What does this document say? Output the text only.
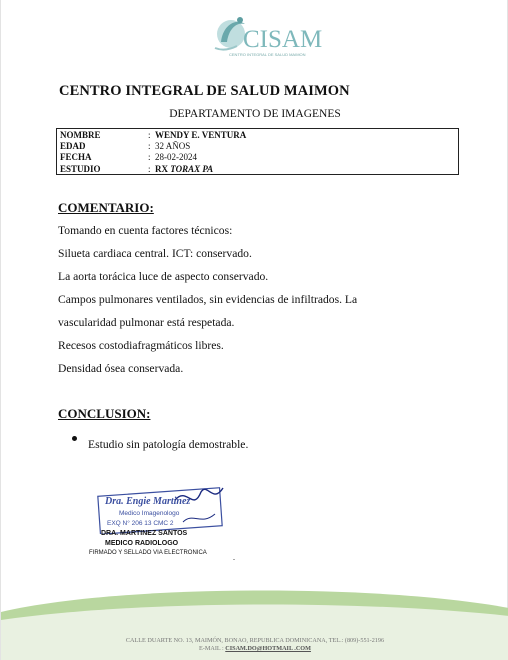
CISAM
CENTRO INTEGRAL DE SALUD MAIMON
CENTRO INTEGRAL DE SALUD MAIMON
DEPARTAMENTO DE IMAGENES
NOMBRE	: WENDY E. VENTURA
EDAD	: 32 AÑOS
FECHA	: 28-02-2024
ESTUDIO	: RX TORAX PA
COMENTARIO:
Tomando en cuenta factores técnicos:
Silueta cardiaca central. ICT: conservado.
La aorta torácica luce de aspecto conservado.
Campos pulmonares ventilados, sin evidencias de infiltrados. La
vascularidad pulmonar está respetada.
Recesos costodiafragmáticos libres.
Densidad ósea conservada.
CONCLUSION:
Estudio sin patología demostrable.
Dra. Engie Martinez
Medico Imagenologo
EXQ N° 206 13 CMC 2
DRA. MARTINEZ SANTOS
MEDICO RADIOLOGO
FIRMADO Y SELLADO VIA ELECTRONICA	.
CALLE DUARTE NO. 13, MAIMÓN, BONAO, REPUBLICA DOMINICANA, TEL.: (809)-551-2196
E-MAIL : CISAM.DO@HOTMAIL .COM
